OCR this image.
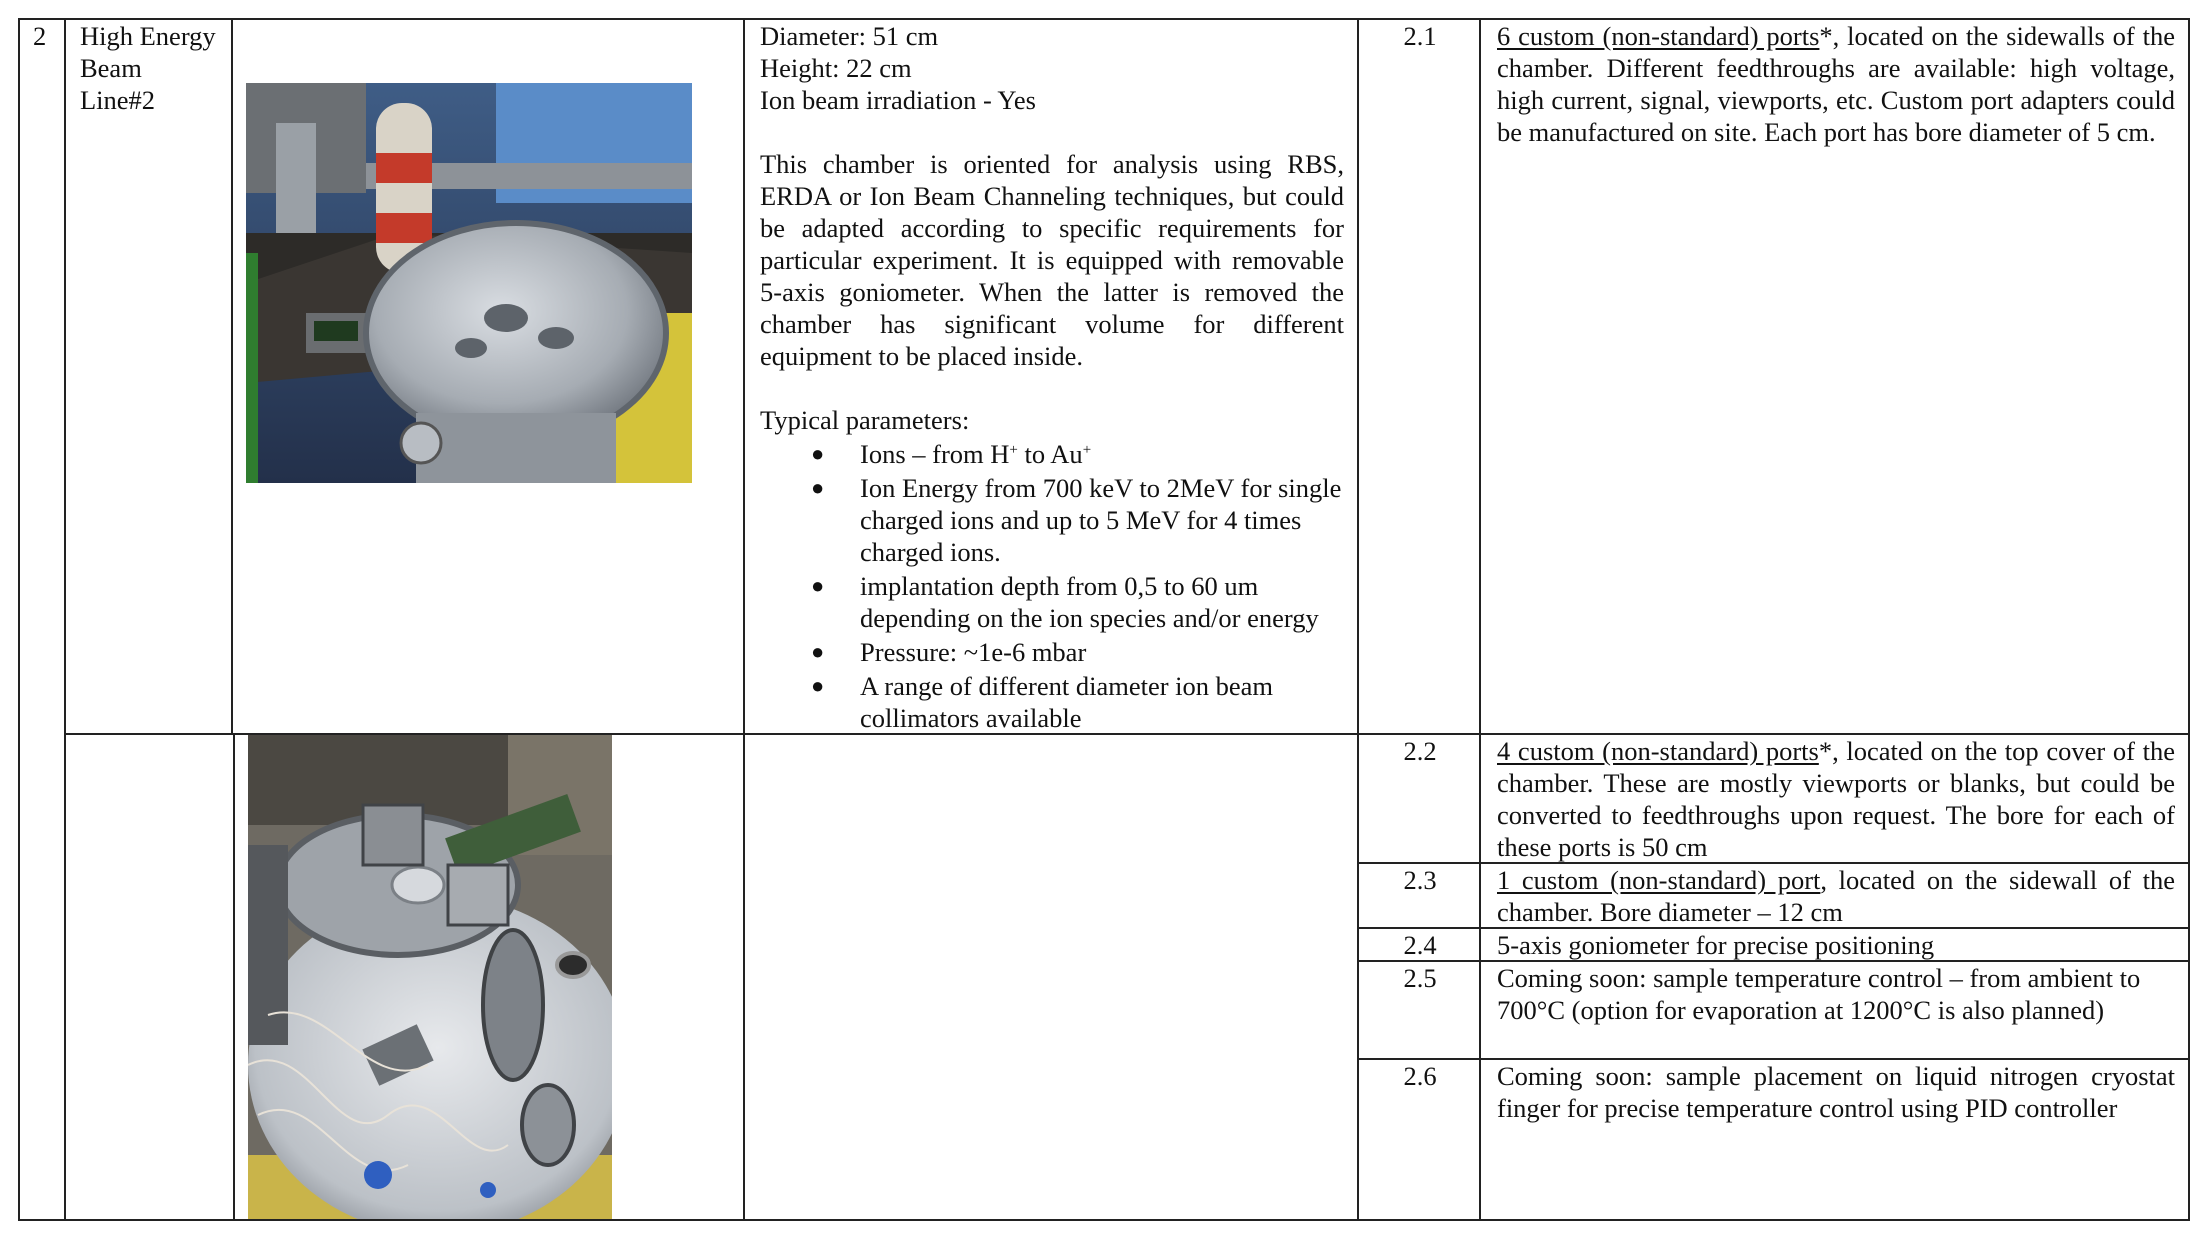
2 High Energy Beam Line#2
Diameter: 51 cm
Height: 22 cm
Ion beam irradiation - Yes
This chamber is oriented for analysis using RBS, ERDA or Ion Beam Channeling techniques, but could be adapted according to specific requirements for particular experiment. It is equipped with removable 5-axis goniometer. When the latter is removed the chamber has significant volume for different equipment to be placed inside.
Typical parameters:
● Ions – from H+ to Au+
● Ion Energy from 700 keV to 2MeV for single charged ions and up to 5 MeV for 4 times charged ions.
● implantation depth from 0,5 to 60 um depending on the ion species and/or energy
● Pressure: ~1e-6 mbar
● A range of different diameter ion beam collimators available
2.1	6 custom (non-standard) ports*, located on the sidewalls of the chamber. Different feedthroughs are available: high voltage, high current, signal, viewports, etc. Custom port adapters could be manufactured on site. Each port has bore diameter of 5 cm.
2.2	4 custom (non-standard) ports*, located on the top cover of the chamber. These are mostly viewports or blanks, but could be converted to feedthroughs upon request. The bore for each of these ports is 50 cm
2.3	1 custom (non-standard) port, located on the sidewall of the chamber. Bore diameter – 12 cm
2.4	5-axis goniometer for precise positioning
2.5	Coming soon: sample temperature control – from ambient to 700°C (option for evaporation at 1200°C is also planned)
2.6	Coming soon: sample placement on liquid nitrogen cryostat finger for precise temperature control using PID controller
